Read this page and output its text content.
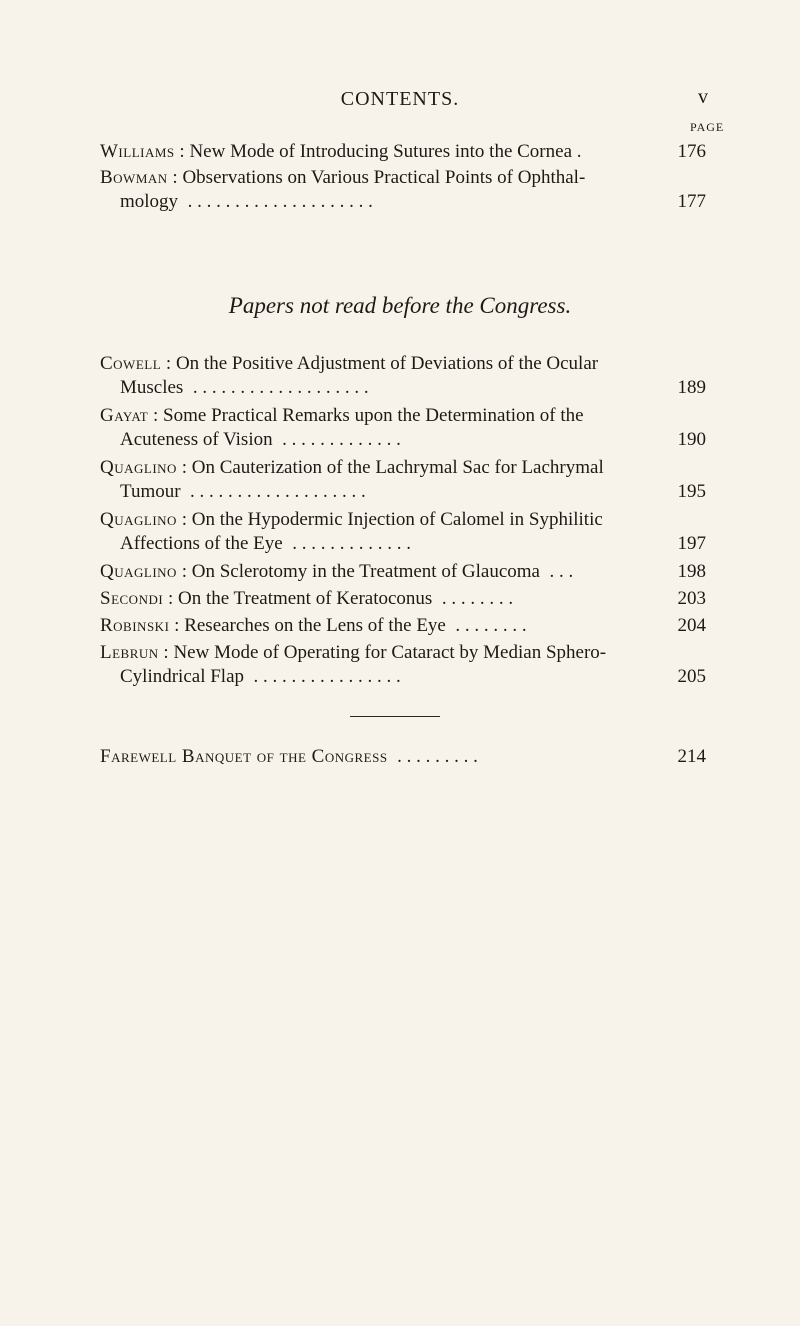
CONTENTS.	v
PAGE
Williams : New Mode of Introducing Sutures into the Cornea .	176
Bowman : Observations on Various Practical Points of Ophthal-
mology  . . . . . . . . . . . . . . . . . . . .	177
Papers not read before the Congress.
Cowell : On the Positive Adjustment of Deviations of the Ocular
Muscles  . . . . . . . . . . . . . . . . . . .	189
Gayat : Some Practical Remarks upon the Determination of the
Acuteness of Vision  . . . . . . . . . . . . .	190
Quaglino : On Cauterization of the Lachrymal Sac for Lachrymal
Tumour  . . . . . . . . . . . . . . . . . . .	195
Quaglino : On the Hypodermic Injection of Calomel in Syphilitic
Affections of the Eye  . . . . . . . . . . . . .	197
Quaglino : On Sclerotomy in the Treatment of Glaucoma  . . .	198
Secondi : On the Treatment of Keratoconus  . . . . . . . .	203
Robinski : Researches on the Lens of the Eye  . . . . . . . .	204
Lebrun : New Mode of Operating for Cataract by Median Sphero-
Cylindrical Flap  . . . . . . . . . . . . . . . .	205
Farewell Banquet of the Congress  . . . . . . . . .	214
